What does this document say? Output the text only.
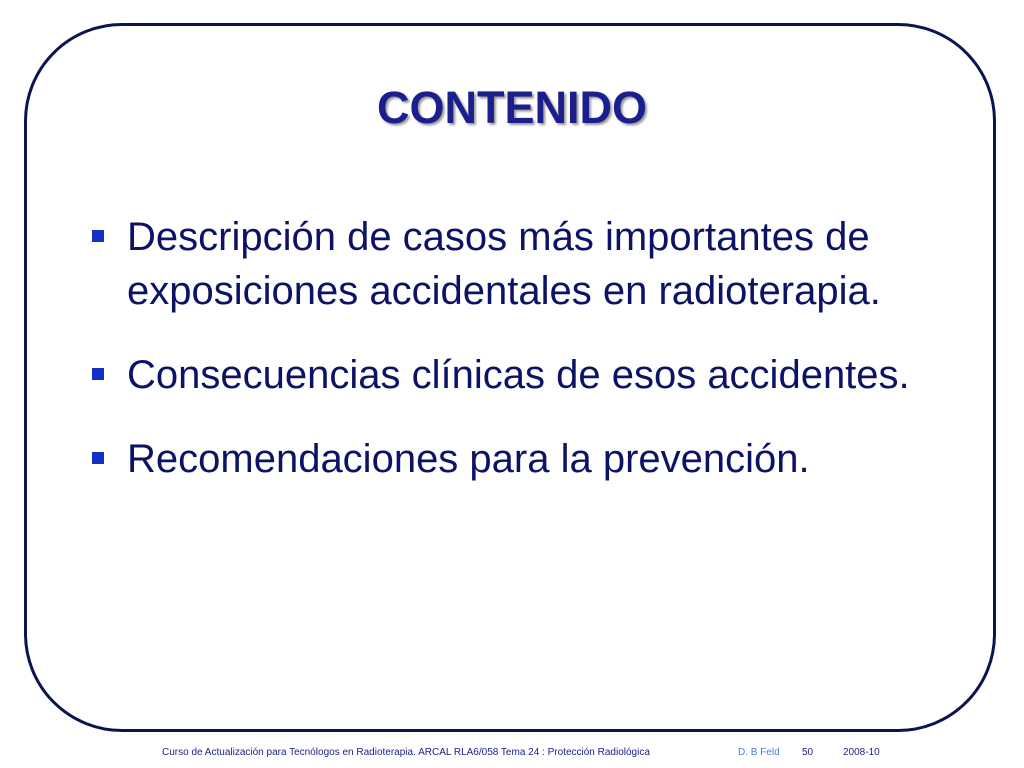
CONTENIDO
Descripción de casos más importantes de exposiciones accidentales en radioterapia.
Consecuencias clínicas de esos accidentes.
Recomendaciones para la prevención.
Curso de Actualización para Tecnólogos en Radioterapia. ARCAL RLA6/058 Tema 24 : Protección Radiológica	D. B Feld 50	2008-10
